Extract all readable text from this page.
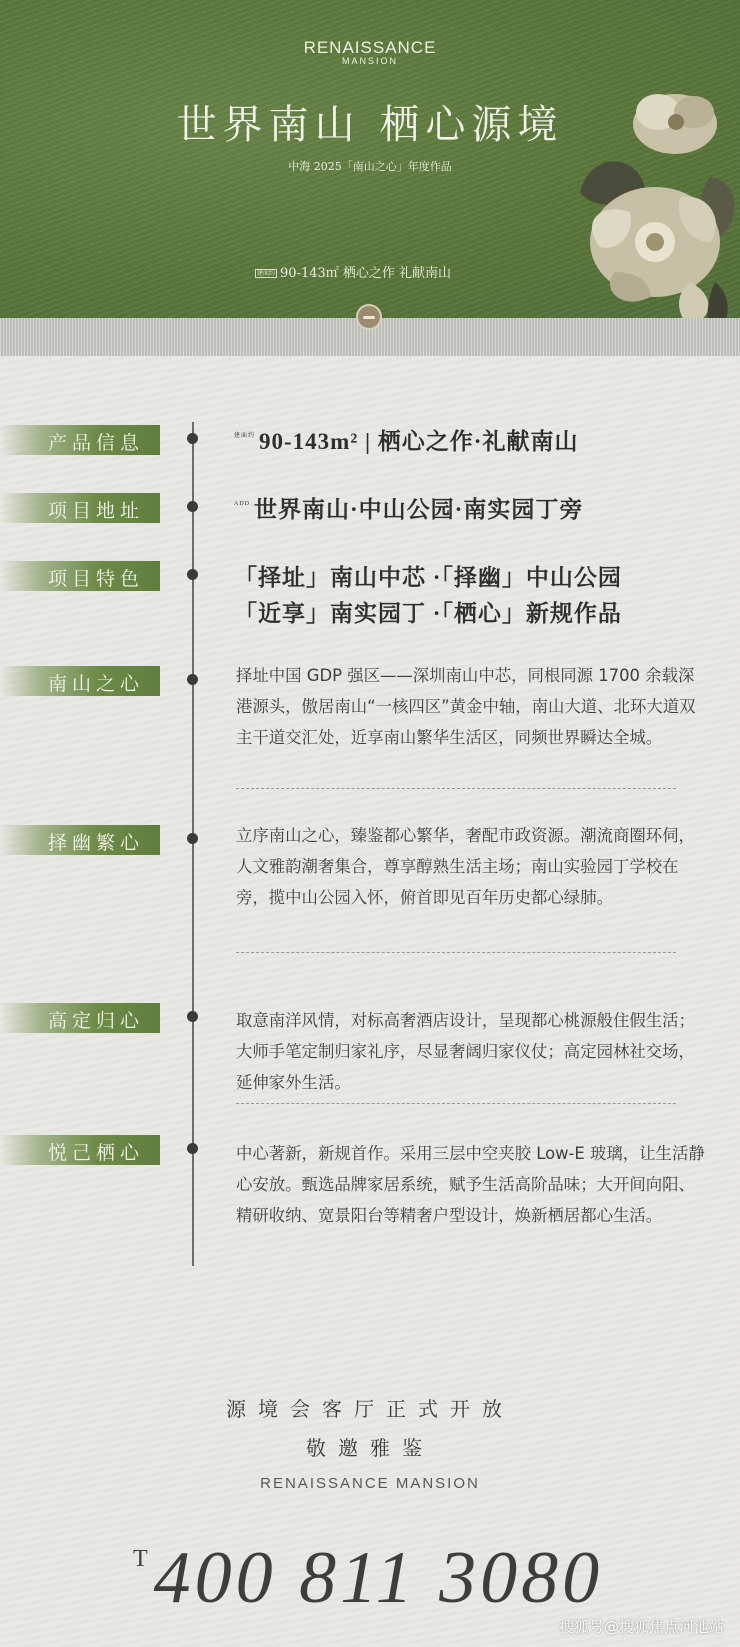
RENAISSANCE
MANSION
世界南山 栖心源境
中海 2025「南山之心」年度作品
建面约 90-143㎡ 栖心之作 礼献南山
产品信息	$^{建面约}$ 90-143m² | 栖心之作·礼献南山
项目地址	$^{ADD}$ 世界南山·中山公园·南实园丁旁
项目特色	「择址」南山中芯 ·「择幽」中山公园
「近享」南实园丁 ·「栖心」新规作品
南山之心	择址中国 GDP 强区——深圳南山中芯，同根同源 1700 余载深港源头，傲居南山“一核四区”黄金中轴，南山大道、北环大道双主干道交汇处，近享南山繁华生活区，同频世界瞬达全城。
择幽繁心	立序南山之心，臻鉴都心繁华，奢配市政资源。潮流商圈环伺，人文雅韵潮奢集合，尊享醇熟生活主场；南山实验园丁学校在旁，揽中山公园入怀，俯首即见百年历史都心绿肺。
高定归心	取意南洋风情，对标高奢酒店设计，呈现都心桃源般住假生活；大师手笔定制归家礼序，尽显奢阔归家仪仗；高定园林社交场，延伸家外生活。
悦己栖心	中心著新，新规首作。采用三层中空夹胶 Low-E 玻璃，让生活静心安放。甄选品牌家居系统，赋予生活高阶品味；大开间向阳、精研收纳、宽景阳台等精奢户型设计，焕新栖居都心生活。
源境会客厅正式开放
敬邀雅鉴
RENAISSANCE MANSION
$^T$400 811 3080
搜狐号@搜狐焦点河池站
